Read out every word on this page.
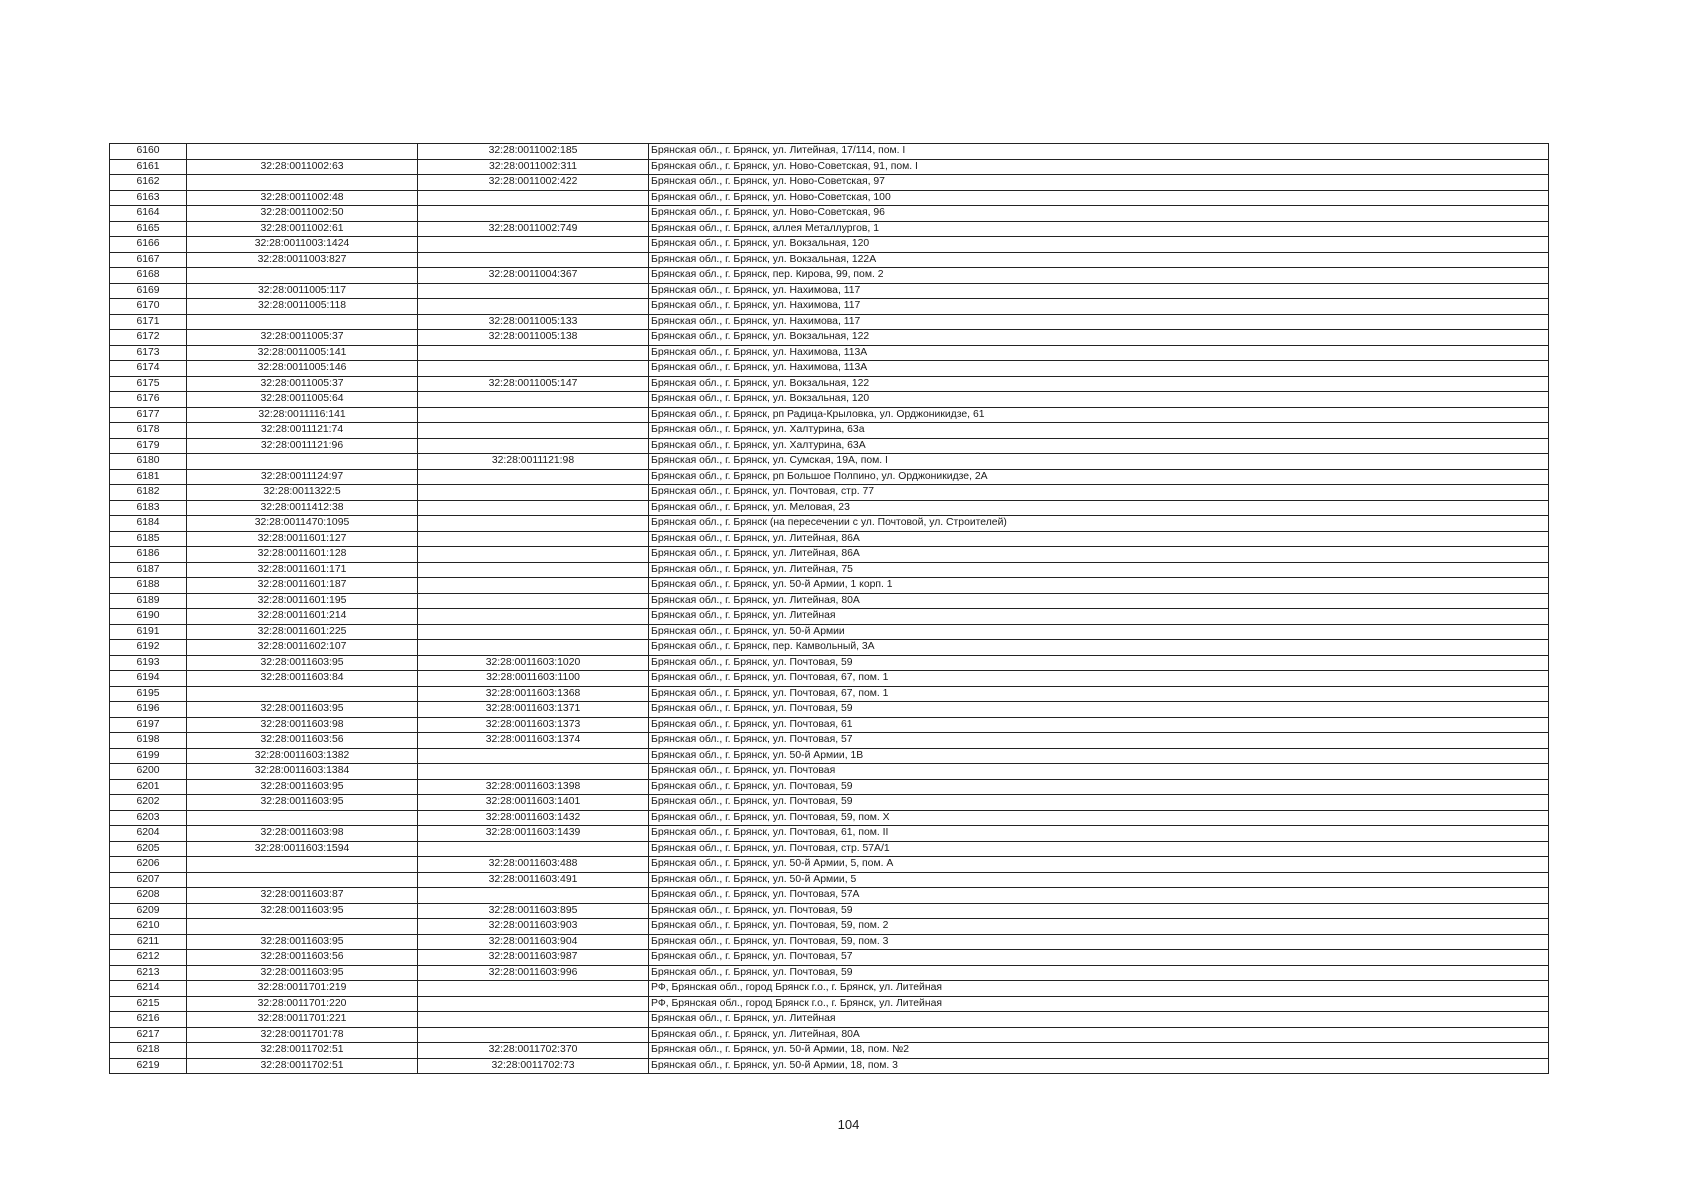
6160		32:28:0011002:185	Брянская обл., г. Брянск, ул. Литейная, 17/114, пом. I
6161	32:28:0011002:63	32:28:0011002:311	Брянская обл., г. Брянск, ул. Ново-Советская, 91, пом. I
6162		32:28:0011002:422	Брянская обл., г. Брянск, ул. Ново-Советская, 97
6163	32:28:0011002:48		Брянская обл., г. Брянск, ул. Ново-Советская, 100
6164	32:28:0011002:50		Брянская обл., г. Брянск, ул. Ново-Советская, 96
6165	32:28:0011002:61	32:28:0011002:749	Брянская обл., г. Брянск, аллея Металлургов, 1
6166	32:28:0011003:1424		Брянская обл., г. Брянск, ул. Вокзальная, 120
6167	32:28:0011003:827		Брянская обл., г. Брянск, ул. Вокзальная, 122А
6168		32:28:0011004:367	Брянская обл., г. Брянск, пер. Кирова, 99, пом. 2
6169	32:28:0011005:117		Брянская обл., г. Брянск, ул. Нахимова, 117
6170	32:28:0011005:118		Брянская обл., г. Брянск, ул. Нахимова, 117
6171		32:28:0011005:133	Брянская обл., г. Брянск, ул. Нахимова, 117
6172	32:28:0011005:37	32:28:0011005:138	Брянская обл., г. Брянск, ул. Вокзальная, 122
6173	32:28:0011005:141		Брянская обл., г. Брянск, ул. Нахимова, 113А
6174	32:28:0011005:146		Брянская обл., г. Брянск, ул. Нахимова, 113А
6175	32:28:0011005:37	32:28:0011005:147	Брянская обл., г. Брянск, ул. Вокзальная, 122
6176	32:28:0011005:64		Брянская обл., г. Брянск, ул. Вокзальная, 120
6177	32:28:0011116:141		Брянская обл., г. Брянск, рп Радица-Крыловка, ул. Орджоникидзе, 61
6178	32:28:0011121:74		Брянская обл., г. Брянск, ул. Халтурина, 63а
6179	32:28:0011121:96		Брянская обл., г. Брянск, ул. Халтурина, 63А
6180		32:28:0011121:98	Брянская обл., г. Брянск, ул. Сумская, 19А, пом. I
6181	32:28:0011124:97		Брянская обл., г. Брянск, рп Большое Полпино, ул. Орджоникидзе, 2А
6182	32:28:0011322:5		Брянская обл., г. Брянск, ул. Почтовая, стр. 77
6183	32:28:0011412:38		Брянская обл., г. Брянск, ул. Меловая, 23
6184	32:28:0011470:1095		Брянская обл., г. Брянск (на пересечении с ул. Почтовой, ул. Строителей)
6185	32:28:0011601:127		Брянская обл., г. Брянск, ул. Литейная, 86А
6186	32:28:0011601:128		Брянская обл., г. Брянск, ул. Литейная, 86А
6187	32:28:0011601:171		Брянская обл., г. Брянск, ул. Литейная, 75
6188	32:28:0011601:187		Брянская обл., г. Брянск, ул. 50-й Армии, 1 корп. 1
6189	32:28:0011601:195		Брянская обл., г. Брянск, ул. Литейная, 80А
6190	32:28:0011601:214		Брянская обл., г. Брянск, ул. Литейная
6191	32:28:0011601:225		Брянская обл., г. Брянск, ул. 50-й Армии
6192	32:28:0011602:107		Брянская обл., г. Брянск, пер. Камвольный, 3А
6193	32:28:0011603:95	32:28:0011603:1020	Брянская обл., г. Брянск, ул. Почтовая, 59
6194	32:28:0011603:84	32:28:0011603:1100	Брянская обл., г. Брянск, ул. Почтовая, 67, пом. 1
6195		32:28:0011603:1368	Брянская обл., г. Брянск, ул. Почтовая, 67, пом. 1
6196	32:28:0011603:95	32:28:0011603:1371	Брянская обл., г. Брянск, ул. Почтовая, 59
6197	32:28:0011603:98	32:28:0011603:1373	Брянская обл., г. Брянск, ул. Почтовая, 61
6198	32:28:0011603:56	32:28:0011603:1374	Брянская обл., г. Брянск, ул. Почтовая, 57
6199	32:28:0011603:1382		Брянская обл., г. Брянск, ул. 50-й Армии, 1В
6200	32:28:0011603:1384		Брянская обл., г. Брянск, ул. Почтовая
6201	32:28:0011603:95	32:28:0011603:1398	Брянская обл., г. Брянск, ул. Почтовая, 59
6202	32:28:0011603:95	32:28:0011603:1401	Брянская обл., г. Брянск, ул. Почтовая, 59
6203		32:28:0011603:1432	Брянская обл., г. Брянск, ул. Почтовая, 59, пом. X
6204	32:28:0011603:98	32:28:0011603:1439	Брянская обл., г. Брянск, ул. Почтовая, 61, пом. II
6205	32:28:0011603:1594		Брянская обл., г. Брянск, ул. Почтовая, стр. 57А/1
6206		32:28:0011603:488	Брянская обл., г. Брянск, ул. 50-й Армии, 5, пом. А
6207		32:28:0011603:491	Брянская обл., г. Брянск, ул. 50-й Армии, 5
6208	32:28:0011603:87		Брянская обл., г. Брянск, ул. Почтовая, 57А
6209	32:28:0011603:95	32:28:0011603:895	Брянская обл., г. Брянск, ул. Почтовая, 59
6210		32:28:0011603:903	Брянская обл., г. Брянск, ул. Почтовая, 59, пом. 2
6211	32:28:0011603:95	32:28:0011603:904	Брянская обл., г. Брянск, ул. Почтовая, 59, пом. 3
6212	32:28:0011603:56	32:28:0011603:987	Брянская обл., г. Брянск, ул. Почтовая, 57
6213	32:28:0011603:95	32:28:0011603:996	Брянская обл., г. Брянск, ул. Почтовая, 59
6214	32:28:0011701:219		РФ, Брянская обл., город Брянск г.о., г. Брянск, ул. Литейная
6215	32:28:0011701:220		РФ, Брянская обл., город Брянск г.о., г. Брянск, ул. Литейная
6216	32:28:0011701:221		Брянская обл., г. Брянск, ул. Литейная
6217	32:28:0011701:78		Брянская обл., г. Брянск, ул. Литейная, 80А
6218	32:28:0011702:51	32:28:0011702:370	Брянская обл., г. Брянск, ул. 50-й Армии, 18, пом. №2
6219	32:28:0011702:51	32:28:0011702:73	Брянская обл., г. Брянск, ул. 50-й Армии, 18, пом. 3
104
